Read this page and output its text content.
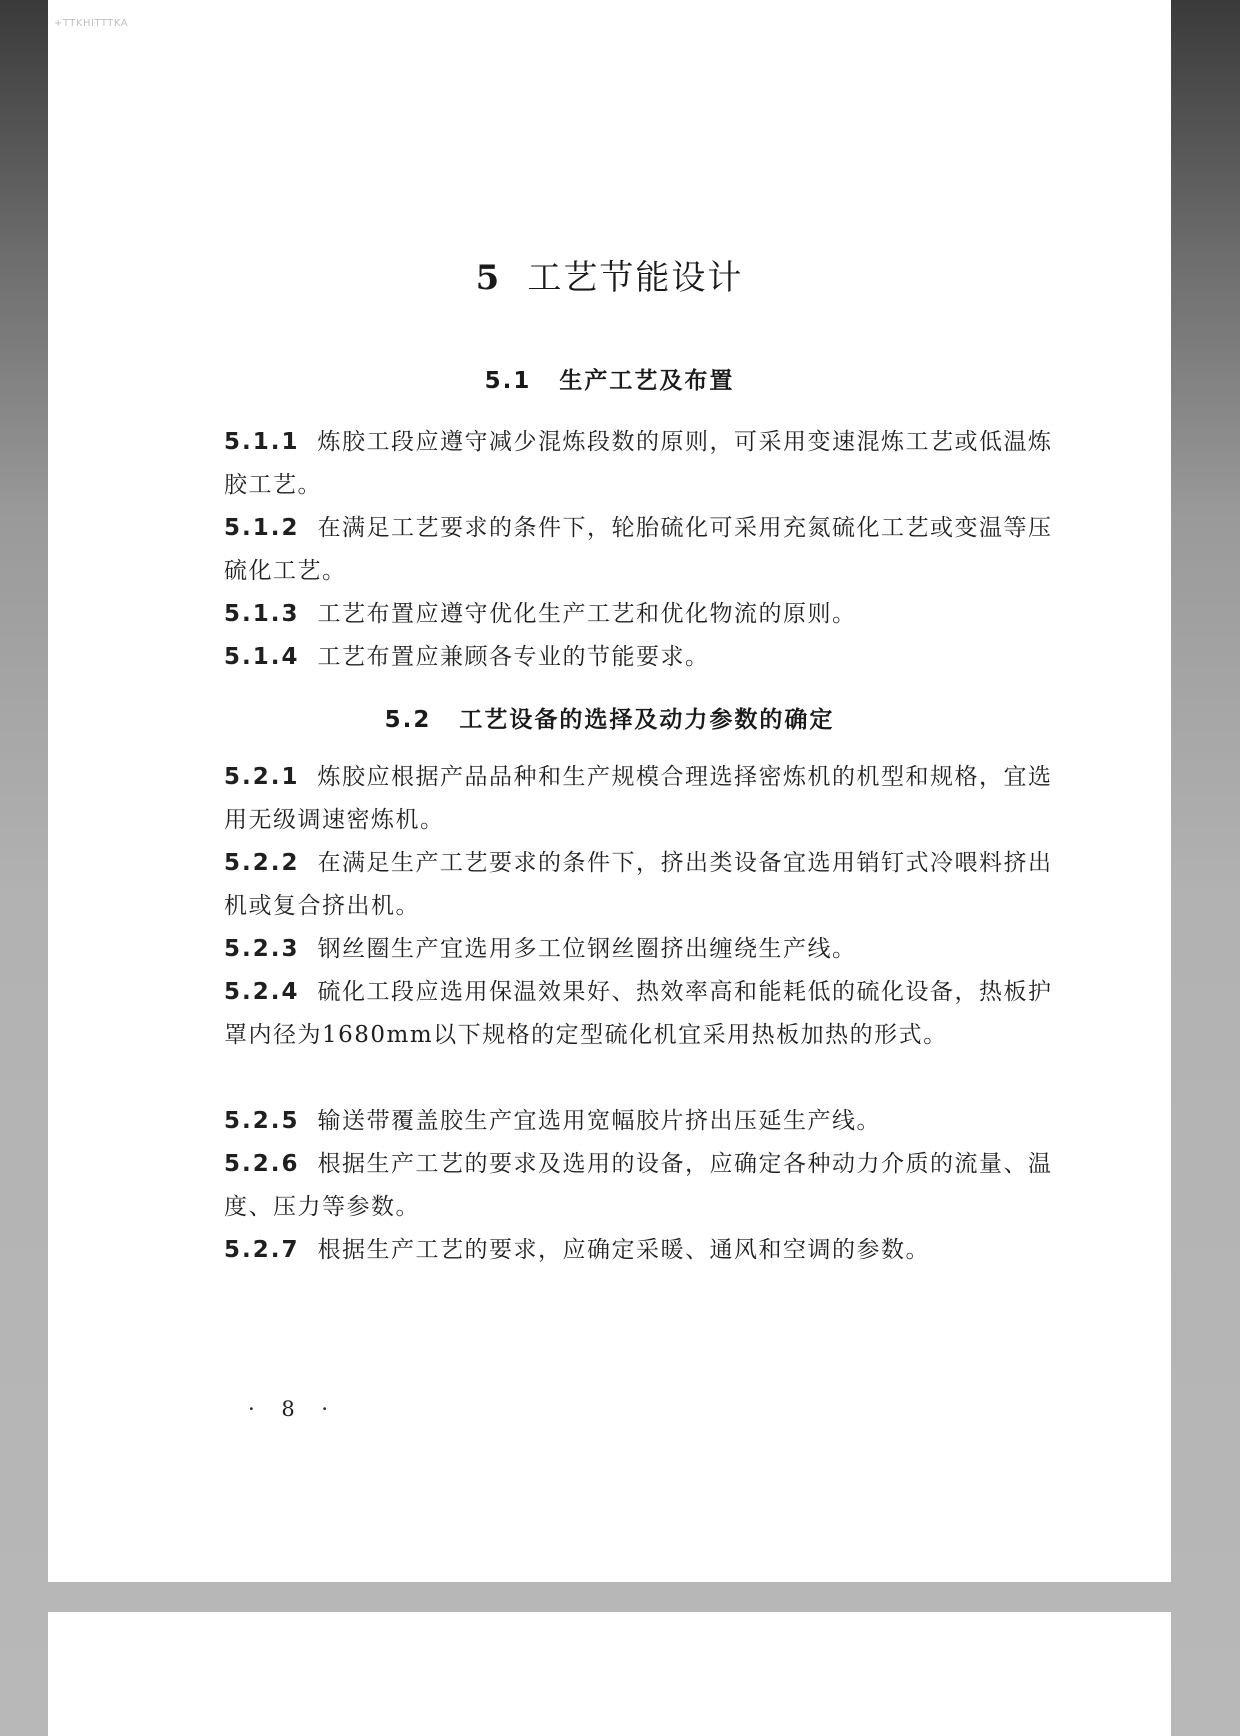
+TTKHITTTKA
5 工艺节能设计
5.1 生产工艺及布置
5.1.1 炼胶工段应遵守减少混炼段数的原则，可采用变速混炼工艺或低温炼胶工艺。
5.1.2 在满足工艺要求的条件下，轮胎硫化可采用充氮硫化工艺或变温等压硫化工艺。
5.1.3 工艺布置应遵守优化生产工艺和优化物流的原则。
5.1.4 工艺布置应兼顾各专业的节能要求。
5.2 工艺设备的选择及动力参数的确定
5.2.1 炼胶应根据产品品种和生产规模合理选择密炼机的机型和规格，宜选用无级调速密炼机。
5.2.2 在满足生产工艺要求的条件下，挤出类设备宜选用销钉式冷喂料挤出机或复合挤出机。
5.2.3 钢丝圈生产宜选用多工位钢丝圈挤出缠绕生产线。
5.2.4 硫化工段应选用保温效果好、热效率高和能耗低的硫化设备，热板护罩内径为1680mm以下规格的定型硫化机宜采用热板加热的形式。
5.2.5 输送带覆盖胶生产宜选用宽幅胶片挤出压延生产线。
5.2.6 根据生产工艺的要求及选用的设备，应确定各种动力介质的流量、温度、压力等参数。
5.2.7 根据生产工艺的要求，应确定采暖、通风和空调的参数。
· 8 ·
